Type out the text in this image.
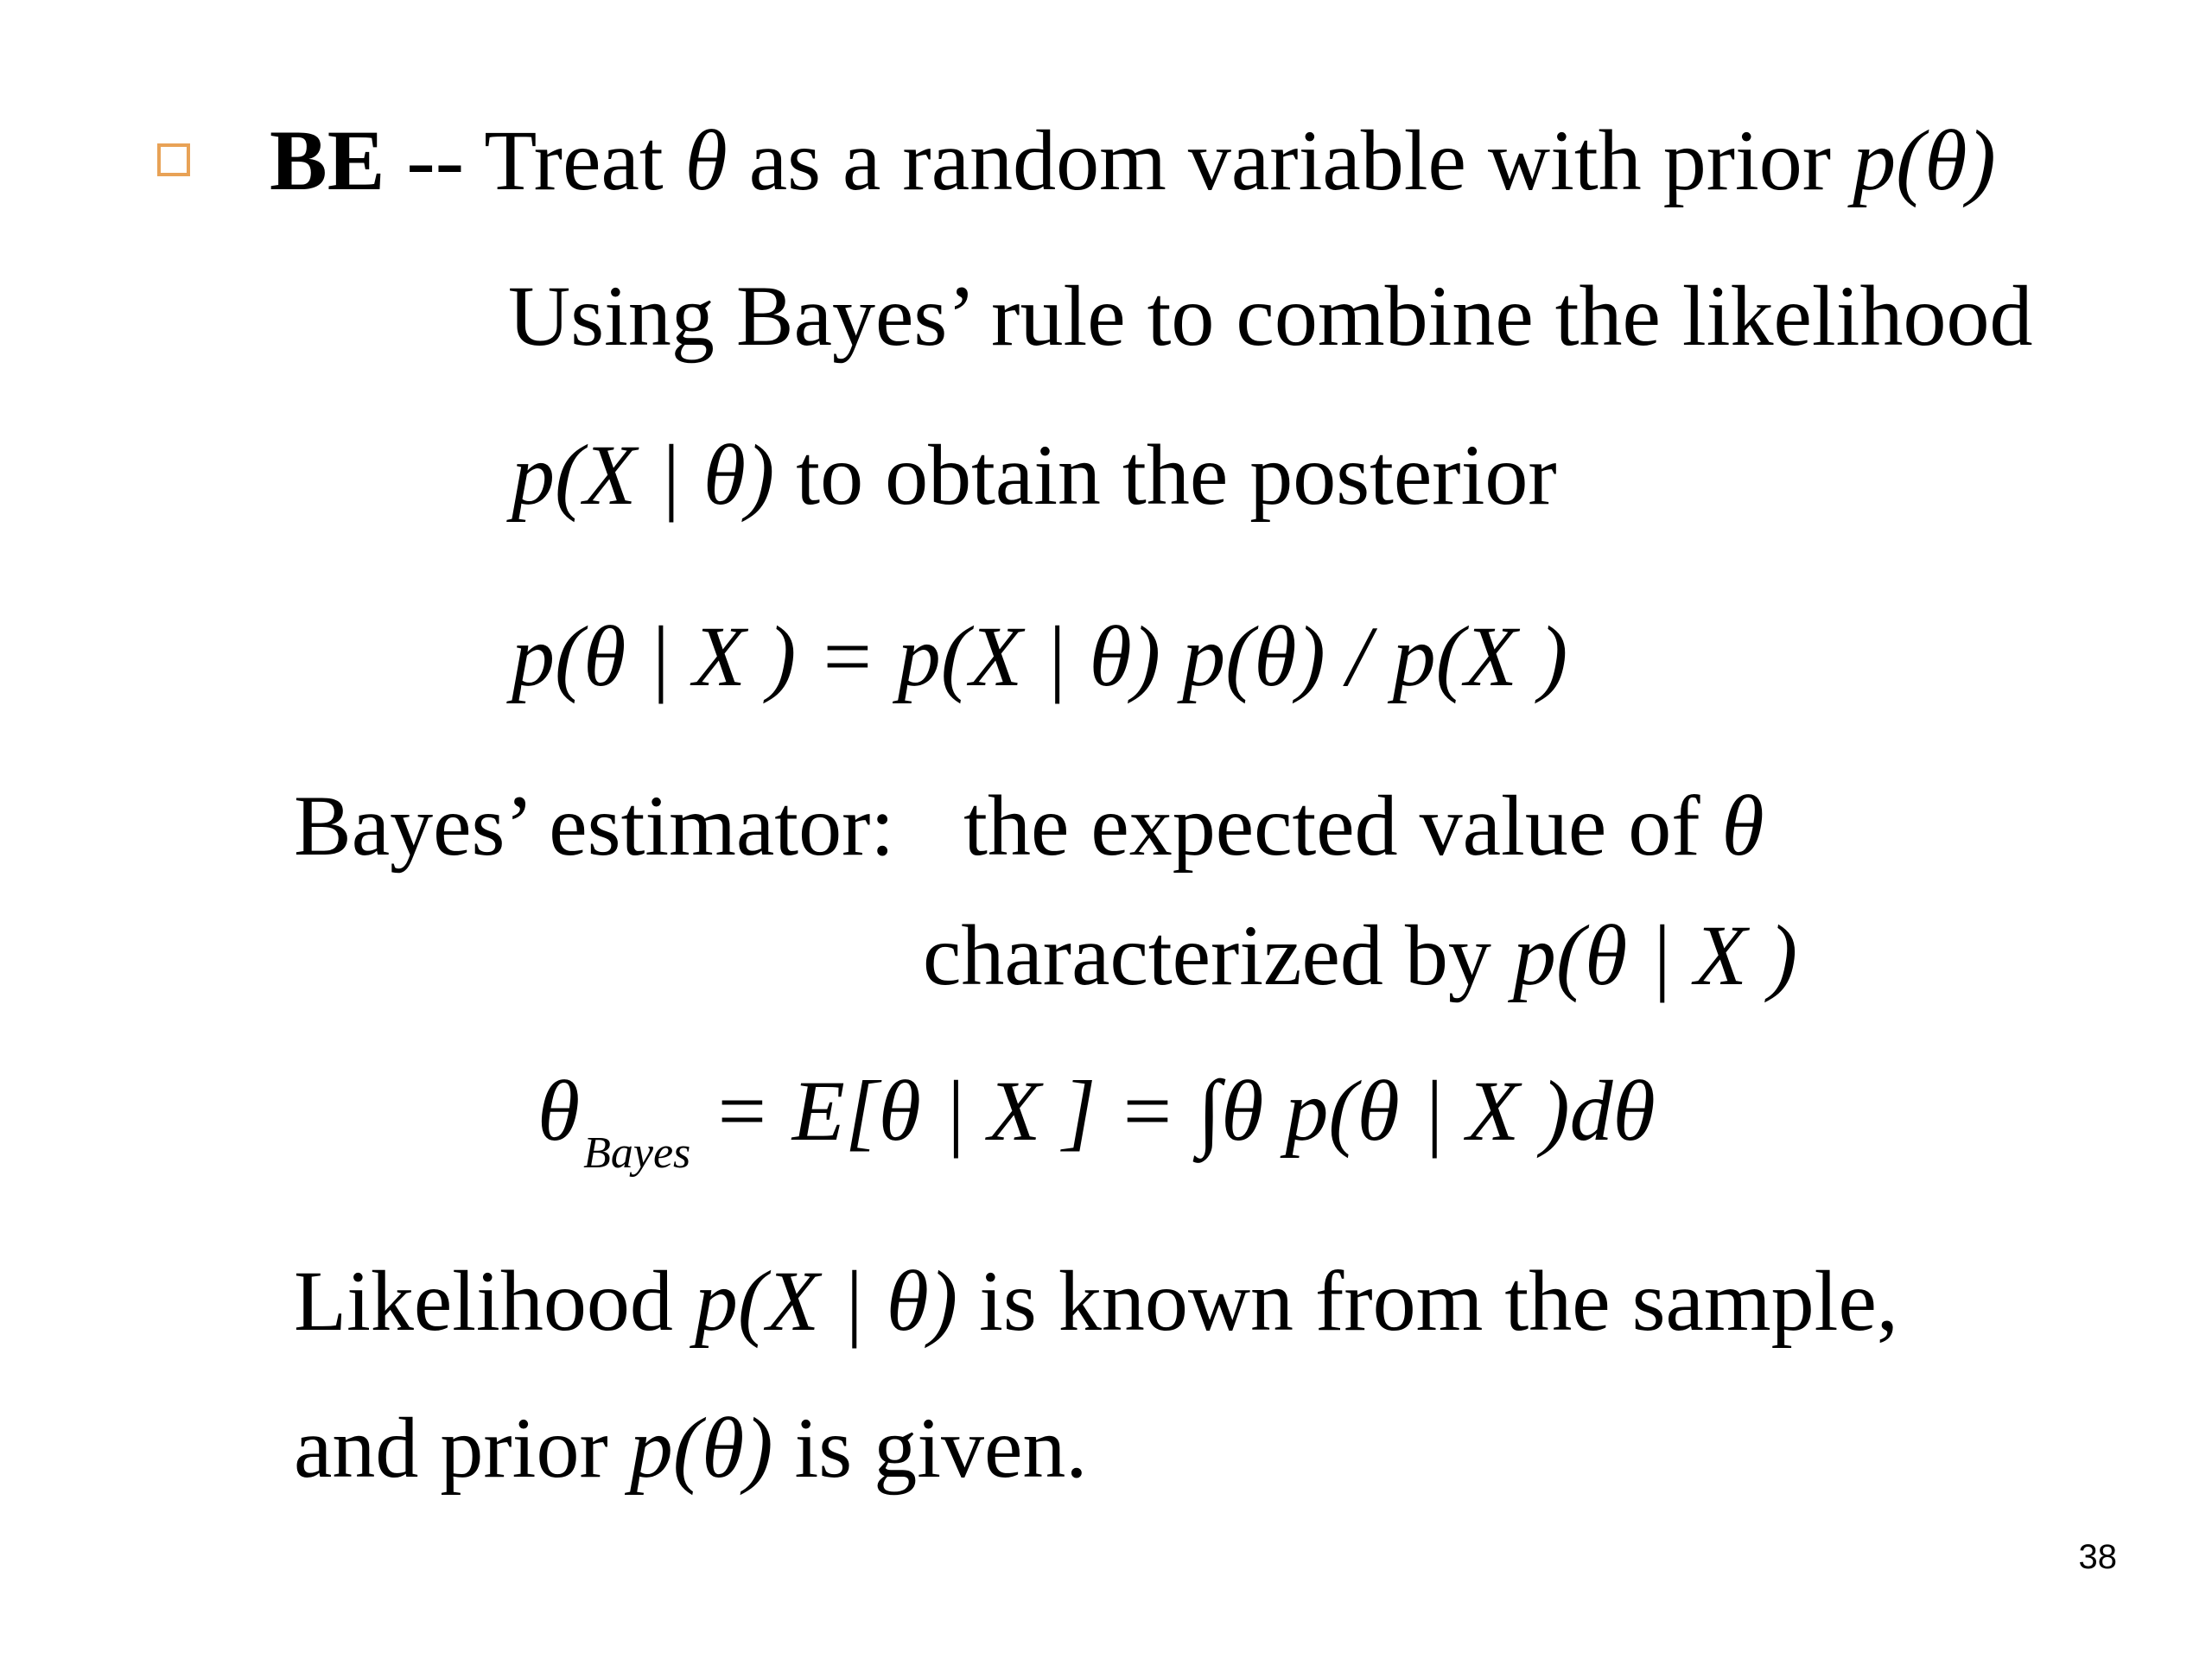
BE -- Treat θ as a random variable with prior p(θ)
Using Bayes’ rule to combine the likelihood
p(X | θ) to obtain the posterior
p(θ | X ) = p(X | θ) p(θ) / p(X )
Bayes’ estimator: the expected value of θ
characterized by p(θ | X )
$\theta_{Bayes} = E[\theta$ | X ] = ∫θ p(θ | X )dθ
Likelihood p(X | θ) is known from the sample,
and prior p(θ) is given.
38
